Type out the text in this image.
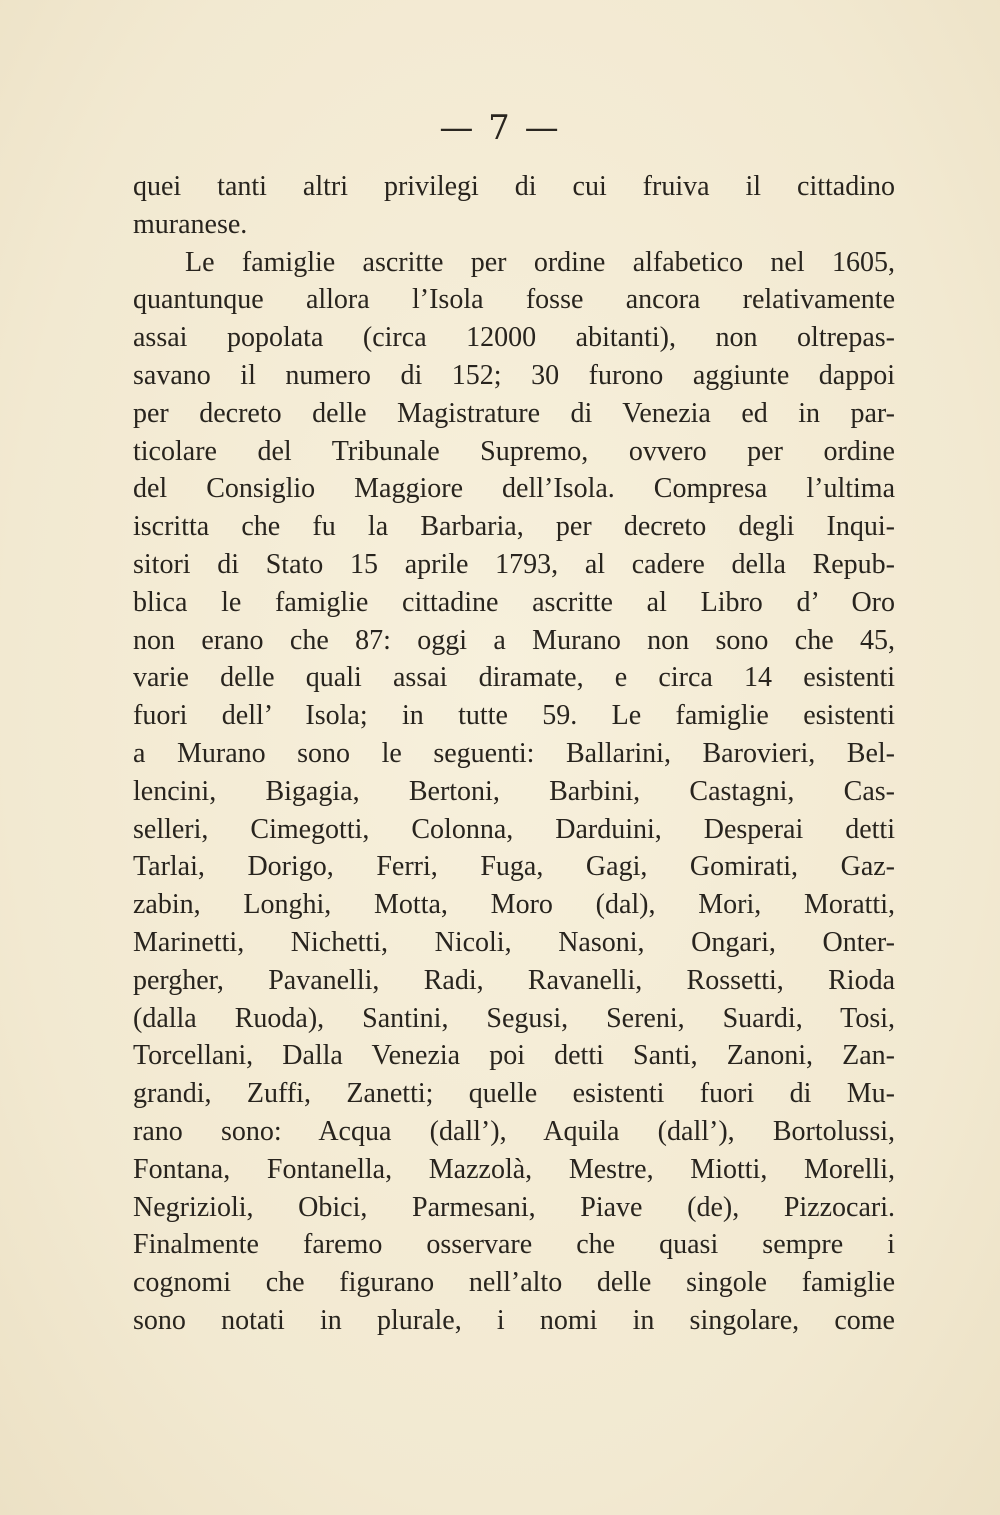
— 7 —
quei tanti altri privilegi di cui fruiva il cittadino
muranese.
Le famiglie ascritte per ordine alfabetico nel 1605,
quantunque allora l’Isola fosse ancora relativamente
assai popolata (circa 12000 abitanti), non oltrepas-
savano il numero di 152; 30 furono aggiunte dappoi
per decreto delle Magistrature di Venezia ed in par-
ticolare del Tribunale Supremo, ovvero per ordine
del Consiglio Maggiore dell’Isola. Compresa l’ultima
iscritta che fu la Barbaria, per decreto degli Inqui-
sitori di Stato 15 aprile 1793, al cadere della Repub-
blica le famiglie cittadine ascritte al Libro d’ Oro
non erano che 87: oggi a Murano non sono che 45,
varie delle quali assai diramate, e circa 14 esistenti
fuori dell’ Isola; in tutte 59. Le famiglie esistenti
a Murano sono le seguenti: Ballarini, Barovieri, Bel-
lencini, Bigagia, Bertoni, Barbini, Castagni, Cas-
selleri, Cimegotti, Colonna, Darduini, Desperai detti
Tarlai, Dorigo, Ferri, Fuga, Gagi, Gomirati, Gaz-
zabin, Longhi, Motta, Moro (dal), Mori, Moratti,
Marinetti, Nichetti, Nicoli, Nasoni, Ongari, Onter-
pergher, Pavanelli, Radi, Ravanelli, Rossetti, Rioda
(dalla Ruoda), Santini, Segusi, Sereni, Suardi, Tosi,
Torcellani, Dalla Venezia poi detti Santi, Zanoni, Zan-
grandi, Zuffi, Zanetti; quelle esistenti fuori di Mu-
rano sono: Acqua (dall’), Aquila (dall’), Bortolussi,
Fontana, Fontanella, Mazzolà, Mestre, Miotti, Morelli,
Negrizioli, Obici, Parmesani, Piave (de), Pizzocari.
Finalmente faremo osservare che quasi sempre i
cognomi che figurano nell’alto delle singole famiglie
sono notati in plurale, i nomi in singolare, come
